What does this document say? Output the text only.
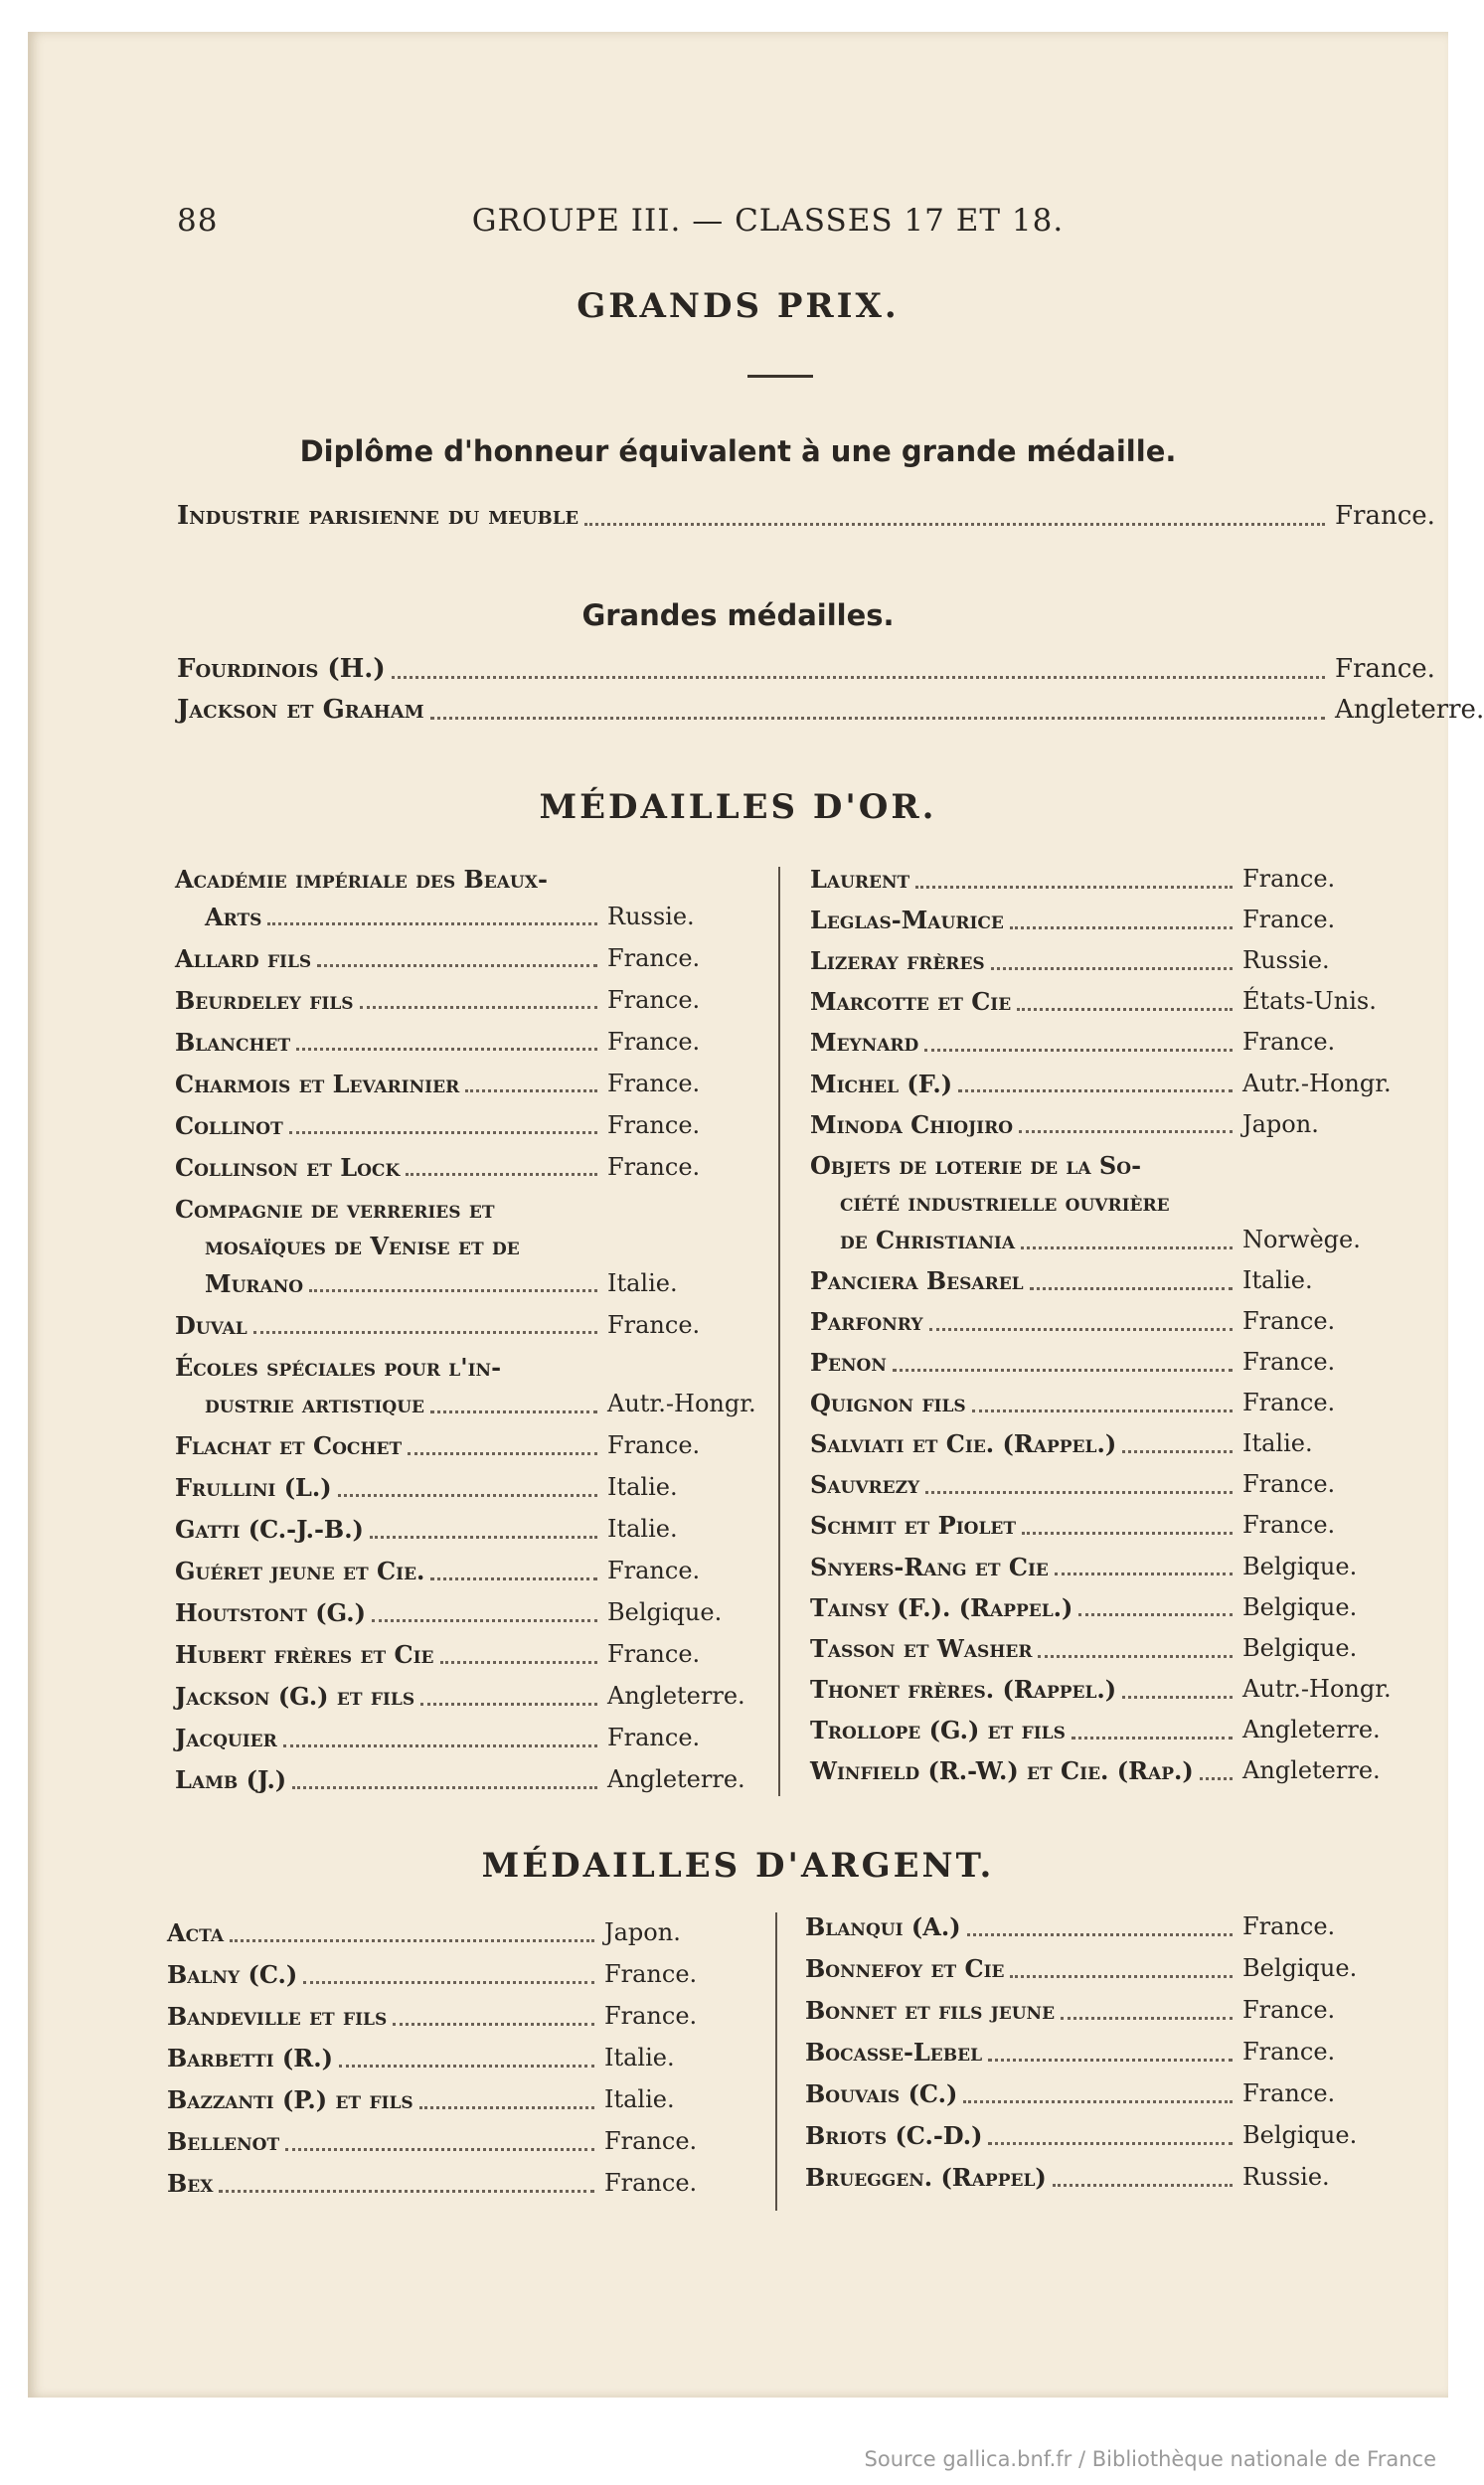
88	GROUPE III. — CLASSES 17 ET 18.
GRANDS PRIX.
Diplôme d'honneur équivalent à une grande médaille.
Industrie parisienne du meuble	France.
Grandes médailles.
Fourdinois (H.)	France.
Jackson et Graham	Angleterre.
MÉDAILLES D'OR.
Académie impériale des Beaux-
Arts	Russie.
Allard fils	France.
Beurdeley fils	France.
Blanchet	France.
Charmois et Levarinier	France.
Collinot	France.
Collinson et Lock	France.
Compagnie de verreries et
mosaïques de Venise et de
Murano	Italie.
Duval	France.
Écoles spéciales pour l'in-
dustrie artistique	Autr.-Hongr.
Flachat et Cochet	France.
Frullini (L.)	Italie.
Gatti (C.-J.-B.)	Italie.
Guéret jeune et Cie.	France.
Houtstont (G.)	Belgique.
Hubert frères et Cie	France.
Jackson (G.) et fils	Angleterre.
Jacquier	France.
Lamb (J.)	Angleterre.
Laurent	France.
Leglas-Maurice	France.
Lizeray frères	Russie.
Marcotte et Cie	États-Unis.
Meynard	France.
Michel (F.)	Autr.-Hongr.
Minoda Chiojiro	Japon.
Objets de loterie de la So-
ciété industrielle ouvrière
de Christiania	Norwège.
Panciera Besarel	Italie.
Parfonry	France.
Penon	France.
Quignon fils	France.
Salviati et Cie. (Rappel.)	Italie.
Sauvrezy	France.
Schmit et Piolet	France.
Snyers-Rang et Cie	Belgique.
Tainsy (F.). (Rappel.)	Belgique.
Tasson et Washer	Belgique.
Thonet frères. (Rappel.)	Autr.-Hongr.
Trollope (G.) et fils	Angleterre.
Winfield (R.-W.) et Cie. (Rap.) Angleterre.
MÉDAILLES D'ARGENT.
Acta	Japon.
Balny (C.)	France.
Bandeville et fils	France.
Barbetti (R.)	Italie.
Bazzanti (P.) et fils	Italie.
Bellenot	France.
Bex	France.
Blanqui (A.)	France.
Bonnefoy et Cie	Belgique.
Bonnet et fils jeune	France.
Bocasse-Lebel	France.
Bouvais (C.)	France.
Briots (C.-D.)	Belgique.
Brueggen. (Rappel)	Russie.
Source gallica.bnf.fr / Bibliothèque nationale de France
